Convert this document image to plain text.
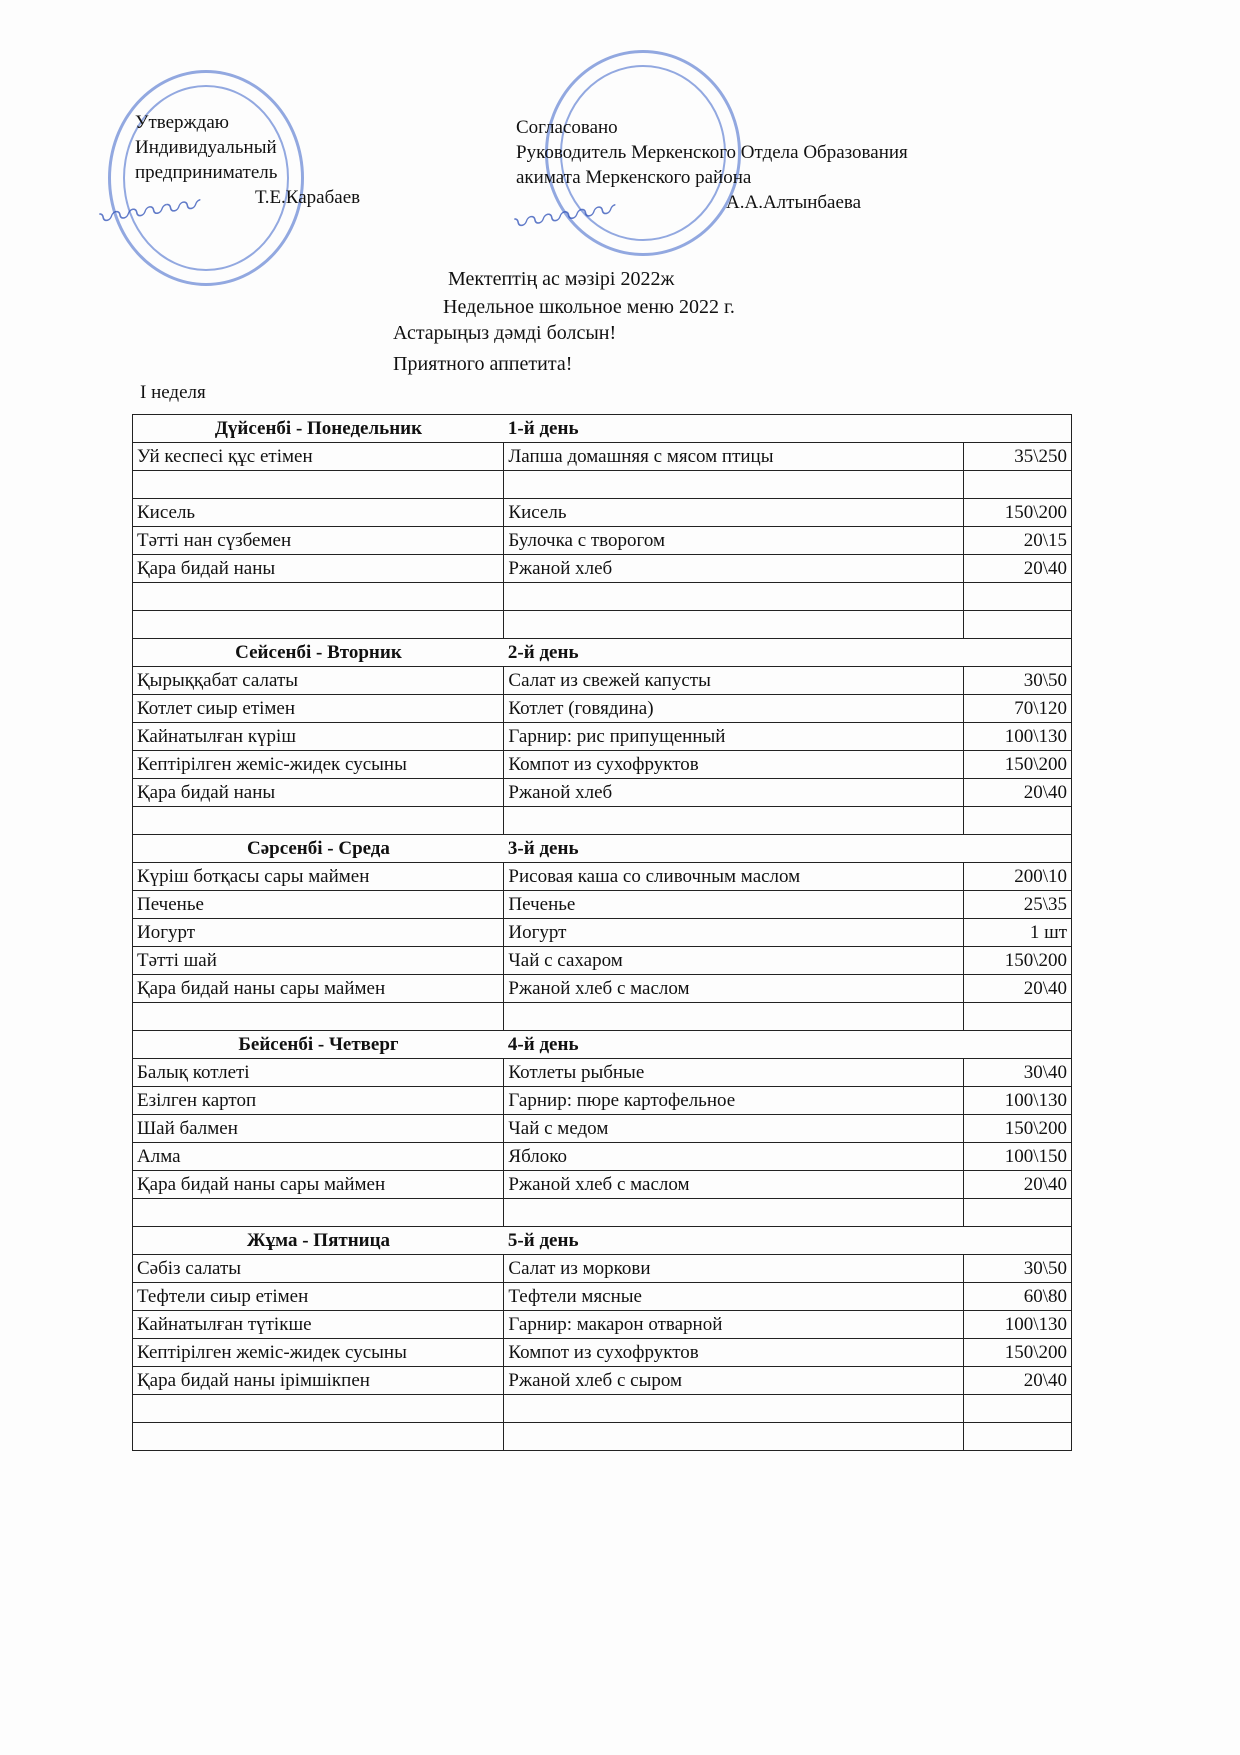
Утверждаю
Индивидуальный
предприниматель
Т.Е.Карабаев
Согласовано
Руководитель Меркенского Отдела Образования
акимата Меркенского района
А.А.Алтынбаева
〰〰〰	〰〰〰
Мектептің ас мәзірі 2022ж
Недельное школьное меню 2022 г.
Астарыңыз дәмді болсын!
Приятного аппетита!
I неделя
Дүйсенбі - Понедельник	1-й день	
Уй кеспесі құс етімен	Лапша домашняя с мясом птицы	35\250

Кисель	Кисель	150\200
Тәтті нан сүзбемен	Булочка с творогом	20\15
Қара бидай наны	Ржаной хлеб	20\40

Сейсенбі - Вторник	2-й день	
Қырыққабат салаты	Салат из свежей капусты	30\50
Котлет сиыр етімен	Котлет (говядина)	70\120
Кайнатылған күріш	Гарнир: рис припущенный	100\130
Кептірілген жеміс-жидек сусыны	Компот из сухофруктов	150\200
Қара бидай наны	Ржаной хлеб	20\40

Сәрсенбі - Среда	3-й день	
Күріш ботқасы сары маймен	Рисовая каша со сливочным маслом	200\10
Печенье	Печенье	25\35
Иогурт	Иогурт	1 шт
Тәтті шай	Чай с сахаром	150\200
Қара бидай наны сары маймен	Ржаной хлеб с маслом	20\40

Бейсенбі - Четверг	4-й день	
Балық котлеті	Котлеты рыбные	30\40
Езілген картоп	Гарнир: пюре картофельное	100\130
Шай балмен	Чай с медом	150\200
Алма	Яблоко	100\150
Қара бидай наны сары маймен	Ржаной хлеб с маслом	20\40

Жұма - Пятница	5-й день	
Сәбіз салаты	Салат из моркови	30\50
Тефтели сиыр етімен	Тефтели мясные	60\80
Кайнатылған түтікше	Гарнир: макарон отварной	100\130
Кептірілген жеміс-жидек сусыны	Компот из сухофруктов	150\200
Қара бидай наны ірімшікпен	Ржаной хлеб с сыром	20\40
